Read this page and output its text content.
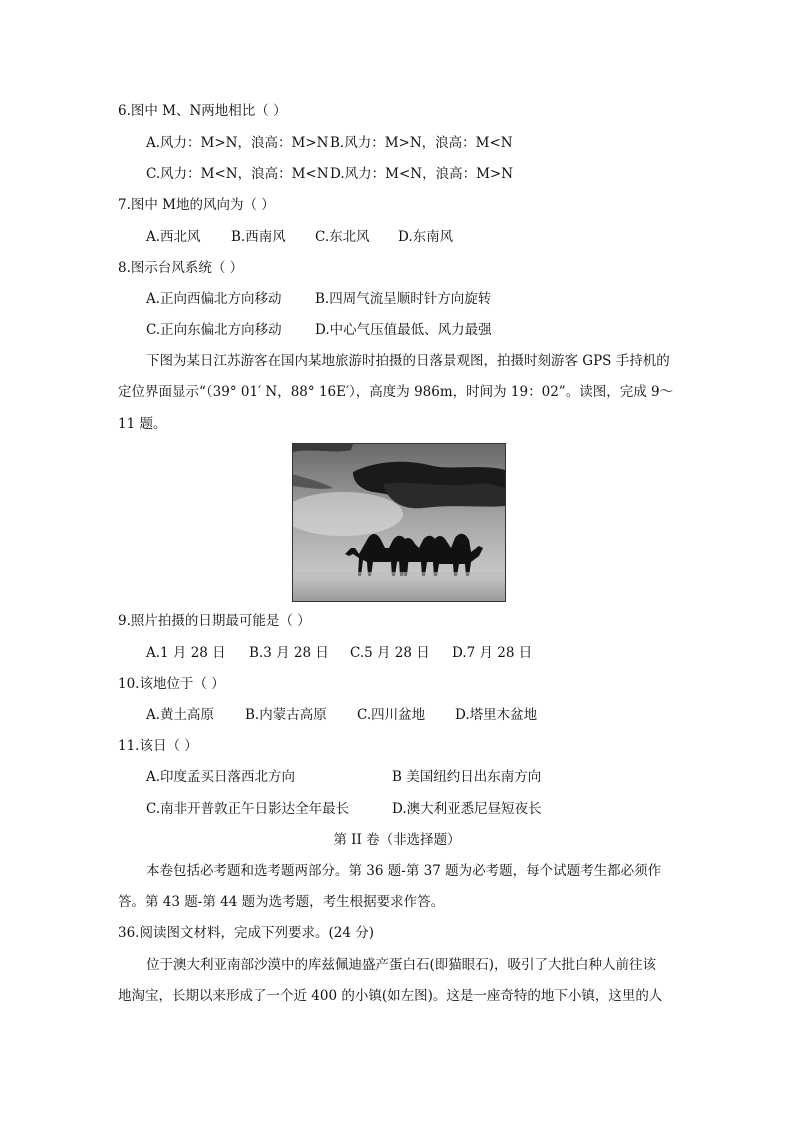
6.图中 M、N两地相比（ ）
A.风力：M>N，浪高：M>N B.风力：M>N，浪高：M<N
C.风力：M<N，浪高：M<N D.风力：M<N，浪高：M>N
7.图中 M地的风向为（ ）
A.西北风 B.西南风 C.东北风 D.东南风
8.图示台风系统（ ）
A.正向西偏北方向移动 B.四周气流呈顺时针方向旋转
C.正向东偏北方向移动 D.中心气压值最低、风力最强
下图为某日江苏游客在国内某地旅游时拍摄的日落景观图，拍摄时刻游客 GPS 手持机的
定位界面显示“（39° 01′ N，88° 16E′），高度为 986m，时间为 19：02”。读图，完成 9～
11 题。
9.照片拍摄的日期最可能是（ ）
A.1 月 28 日 B.3 月 28 日 C.5 月 28 日 D.7 月 28 日
10.该地位于（ ）
A.黄土高原 B.内蒙古高原 C.四川盆地 D.塔里木盆地
11.该日（ ）
A.印度孟买日落西北方向	B 美国纽约日出东南方向
C.南非开普敦正午日影达全年最长	D.澳大利亚悉尼昼短夜长
第 II 卷（非选择题）
本卷包括必考题和选考题两部分。第 36 题-第 37 题为必考题，每个试题考生都必须作
答。第 43 题-第 44 题为选考题，考生根据要求作答。
36.阅读图文材料，完成下列要求。(24 分)
位于澳大利亚南部沙漠中的库兹佩迪盛产蛋白石(即猫眼石)，吸引了大批白种人前往该
地淘宝，长期以来形成了一个近 400 的小镇(如左图)。这是一座奇特的地下小镇，这里的人
